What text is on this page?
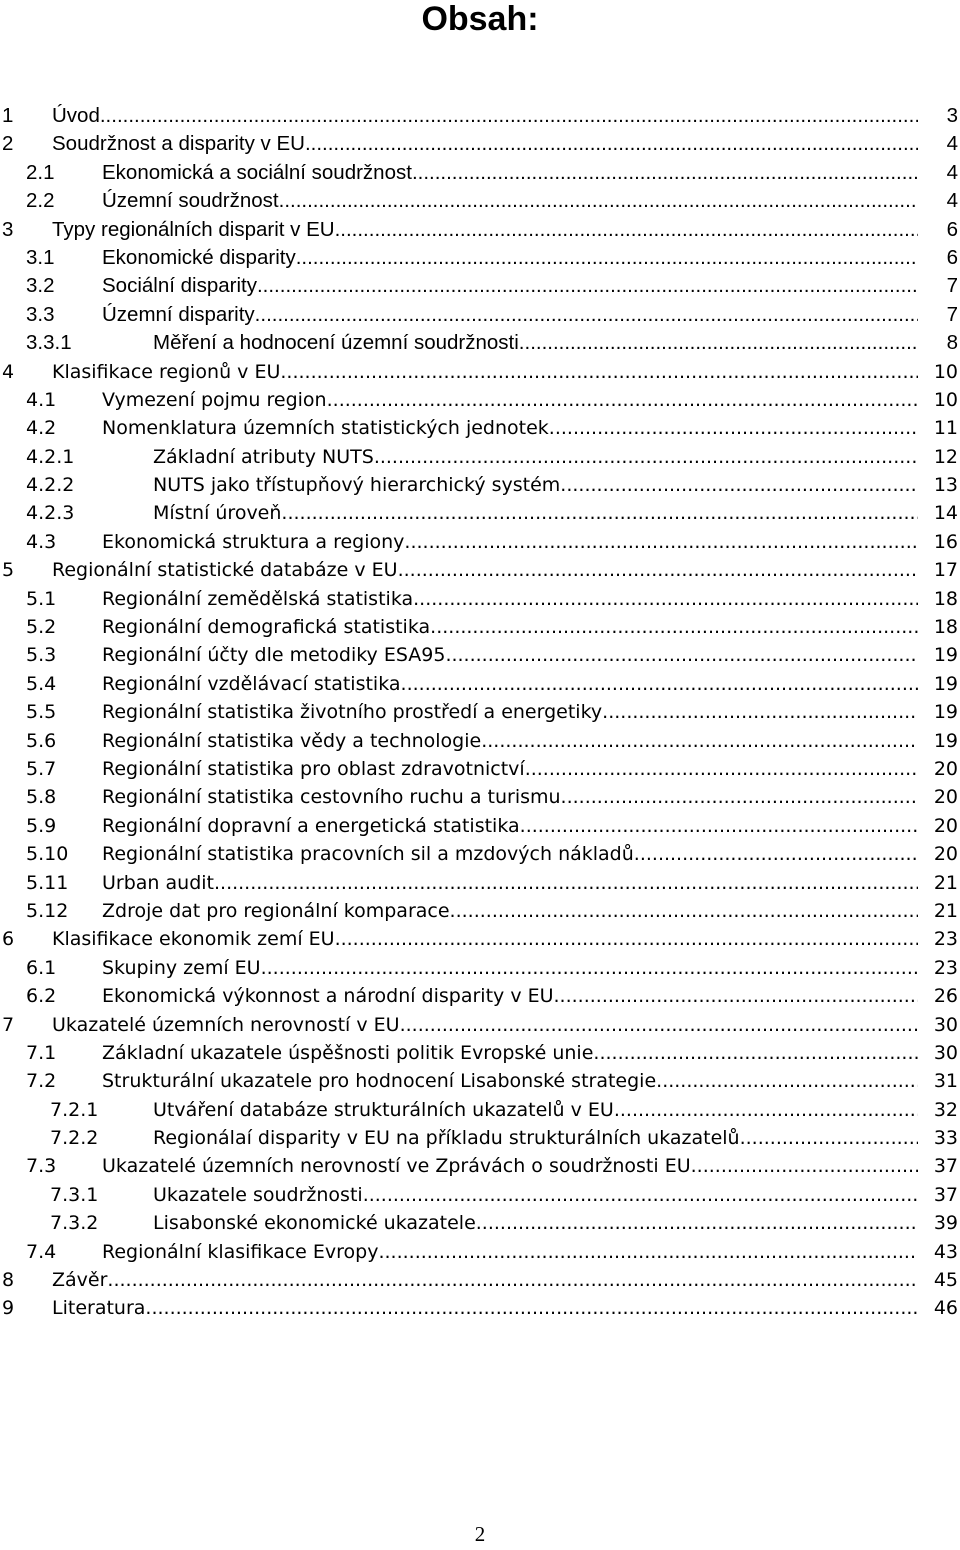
Obsah:
1 Úvod .....	3
2 Soudržnost a disparity v EU .....	4
2.1 Ekonomická a sociální soudržnost .....	4
2.2 Územní soudržnost. .....	4
3 Typy regionálních disparit v EU .....	6
3.1 Ekonomické disparity .....	6
3.2 Sociální disparity .....	7
3.3 Územní disparity .....	7
3.3.1	Měření a hodnocení územní soudržnosti .....	8
4 Klasifikace regionů v EU .....	10
4.1 Vymezení pojmu region .....	10
4.2 Nomenklatura územních statistických jednotek .....	11
4.2.1	Základní atributy NUTS .....	12
4.2.2	NUTS jako třístupňový hierarchický systém .....	13
4.2.3	Místní úroveň .....	14
4.3 Ekonomická struktura a regiony .....	16
5 Regionální statistické databáze v EU .....	17
5.1 Regionální zemědělská statistika .....	18
5.2 Regionální demografická statistika .....	18
5.3 Regionální účty dle metodiky ESA95 .....	19
5.4 Regionální vzdělávací statistika .....	19
5.5 Regionální statistika životního prostředí a energetiky .....	19
5.6 Regionální statistika vědy a technologie. .....	19
5.7 Regionální statistika pro oblast zdravotnictví .....	20
5.8 Regionální statistika cestovního ruchu a turismu .....	20
5.9 Regionální dopravní a energetická statistika. .....	20
5.10 Regionální statistika pracovních sil a mzdových nákladů .....	20
5.11 Urban audit .....	21
5.12 Zdroje dat pro regionální komparace .....	21
6 Klasifikace ekonomik zemí EU .....	23
6.1 Skupiny zemí EU .....	23
6.2 Ekonomická výkonnost a národní disparity v EU .....	26
7 Ukazatelé územních nerovností v EU .....	30
7.1 Základní ukazatele úspěšnosti politik Evropské unie .....	30
7.2 Strukturální ukazatele pro hodnocení Lisabonské strategie. .....	31
7.2.1	Utváření databáze strukturálních ukazatelů v EU. .....	32
7.2.2	Regionálaí disparity v EU na příkladu strukturálních ukazatelů .....	33
7.3 Ukazatelé územních nerovností ve Zprávách o soudržnosti EU .....	37
7.3.1	Ukazatele soudržnosti .....	37
7.3.2	Lisabonské ekonomické ukazatele .....	39
7.4 Regionální klasifikace Evropy .....	43
8 Závěr .....	45
9 Literatura .....	46
2
